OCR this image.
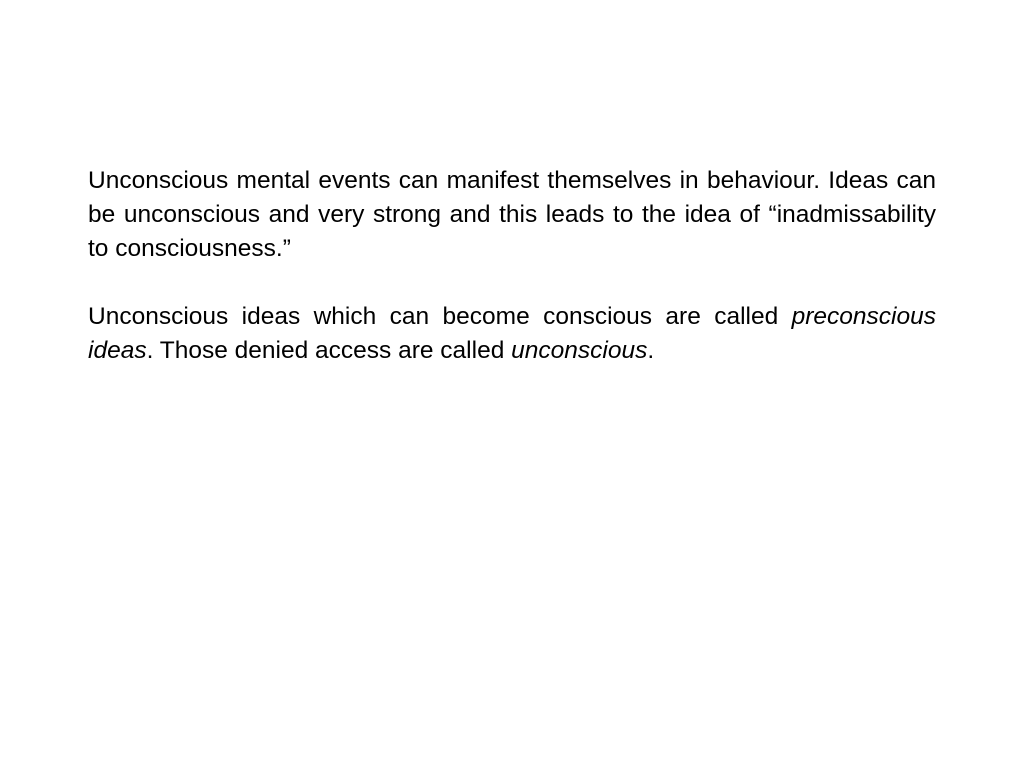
Unconscious mental events can manifest themselves in behaviour. Ideas can be unconscious and very strong and this leads to the idea of “inadmissability to consciousness.”

Unconscious ideas which can become conscious are called preconscious ideas. Those denied access are called unconscious.
